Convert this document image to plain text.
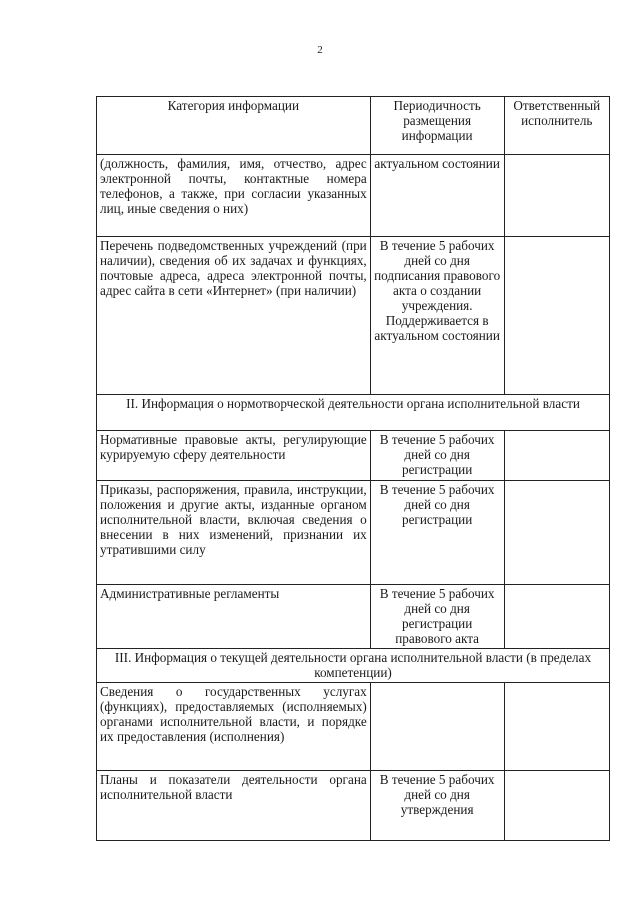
2
Категория информации	Периодичность размещения информации	Ответственный исполнитель
(должность, фамилия, имя, отчество, адрес электронной почты, контактные номера телефонов, а также, при согласии указанных лиц, иные сведения о них)	актуальном состоянии	
Перечень подведомственных учреждений (при наличии), сведения об их задачах и функциях, почтовые адреса, адреса электронной почты, адрес сайта в сети «Интернет» (при наличии)	В течение 5 рабочих дней со дня подписания правового акта о создании учреждения. Поддерживается в актуальном состоянии	
II. Информация о нормотворческой деятельности органа исполнительной власти		
Нормативные правовые акты, регулирующие курируемую сферу деятельности	В течение 5 рабочих дней со дня регистрации	
Приказы, распоряжения, правила, инструкции, положения и другие акты, изданные органом исполнительной власти, включая сведения о внесении в них изменений, признании их утратившими силу	В течение 5 рабочих дней со дня регистрации	
Административные регламенты	В течение 5 рабочих дней со дня регистрации правового акта	
III. Информация о текущей деятельности органа исполнительной власти (в пределах компетенции)		
Сведения о государственных услугах (функциях), предоставляемых (исполняемых) органами исполнительной власти, и порядке их предоставления (исполнения)		
Планы и показатели деятельности органа исполнительной власти	В течение 5 рабочих дней со дня утверждения	
